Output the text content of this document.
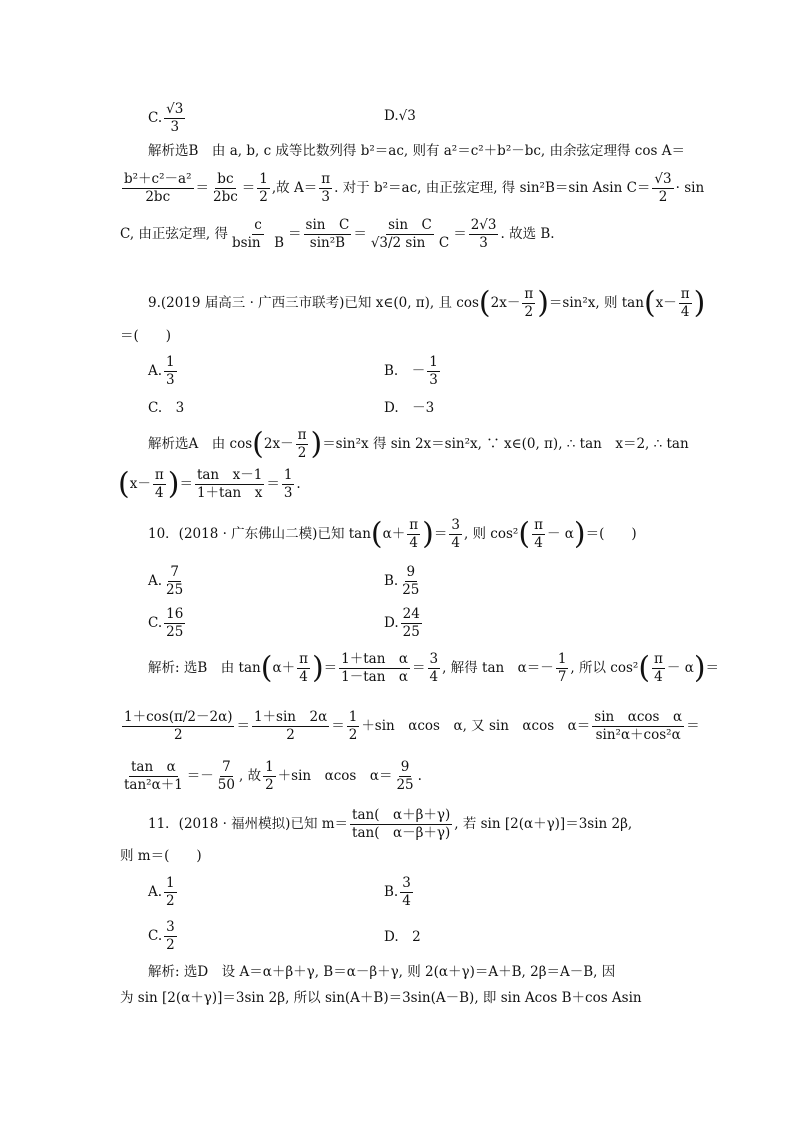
C. $\frac{√3}{3}$	D.√3
解析选B　由 a, b, c 成等比数列得 b²＝ac, 则有 a²＝c²＋b²－bc, 由余弦定理得 cos A＝
$\frac{\text{b²＋c²－a²}}{2bc} = \frac{bc}{2bc} = \frac{1}{2}$ ,故 $A= \frac{\pi}{3}$ . 对于 b²＝ac, 由正弦定理, 得 sin²B＝sin Asin $C= \frac{√3}{2} \cdot \sin$
C, 由正弦定理, 得 $\frac{c}{\text{bsin　B}} = \frac{\text{sin　C}}{\text{sin²B}} = \frac{\text{sin　C}}{\text{√3/2 sin　C}} = \frac{2√3}{3}$ . 故选 B.
9.(2019 届高三 · 广西三市联考)已知 x∈(0, π), 且 $\cos(2x- \frac{\pi}{2} )=\sin^2x$, 则 $\tan(x- \frac{\pi}{4}$ )
＝(　　)
A. $\frac{1}{3}$	B.　－ $\frac{1}{3}$
C.　3	D.　－3
解析选A　由 $\cos(2x- \frac{\pi}{2} )=\sin^2x$ 得 sin 2x＝sin²x, ∵ x∈(0, π), ∴ tan　x＝2, ∴ tan
($x- \frac{\pi}{4}$ )＝ $\frac{\text{tan　x－1}}{\text{1＋tan　x}} = \frac{1}{3}$ .
10．(2018 · 广东佛山二模)已知 $\tan(\alpha+ \frac{\pi}{4}$ )＝ $\frac{3}{4}$ , 则 $\cos^2( \frac{\pi}{4} - \alpha)=$(　　)
A. $\frac{7}{25}$	B. $\frac{9}{25}$
C. $\frac{16}{25}$	D. $\frac{24}{25}$
解析: 选B　由 $\tan(\alpha+ \frac{\pi}{4}$ )＝ $\frac{\text{1＋tan　α}}{\text{1－tan　α}} = \frac{3}{4}$ , 解得 tan　$\alpha=- \frac{1}{7}$ , 所以 $\cos^2( \frac{\pi}{4} - \alpha)=$
$\frac{1+\cos(\pi/2-2\alpha)}{2} = \frac{1+\sin 2\alpha}{2} = \frac{1}{2} +\sin$　αcos　α, 又 sin　αcos　$\alpha= \frac{\text{sin　αcos　α}}{\text{sin²α＋cos²α}}$ ＝
$\frac{\text{tan　α}}{\text{tan²α＋1}} =- \frac{7}{50}$ , 故 $\frac{1}{2} +\sin$　αcos　$\alpha= \frac{9}{25}$ .
11．(2018 · 福州模拟)已知 $m= \frac{\tan( \alpha+\beta+\gamma)}{\tan( \alpha-\beta+\gamma)}$ , 若 sin [2(α＋γ)]＝3sin 2β,
则 m＝(　　)
A. $\frac{1}{2}$	B. $\frac{3}{4}$
C. $\frac{3}{2}$	D.　2
解析: 选D　设 A＝α＋β＋γ, B＝α－β＋γ, 则 2(α＋γ)＝A＋B, 2β＝A－B, 因
为 sin [2(α＋γ)]＝3sin 2β, 所以 sin(A＋B)＝3sin(A－B), 即 sin Acos B＋cos Asin
